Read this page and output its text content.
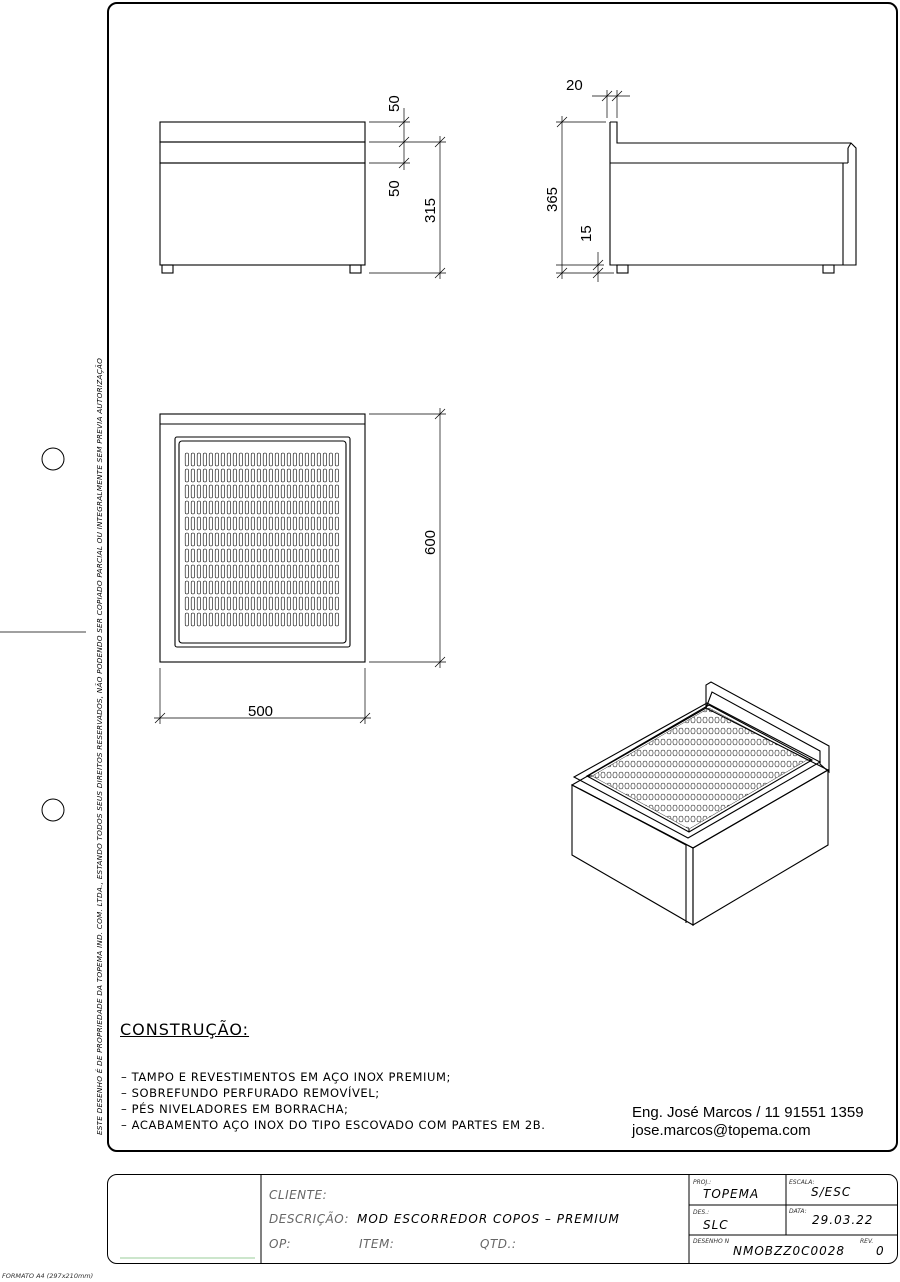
ESTE DESENHO É DE PROPRIEDADE DA TOPEMA IND. COM. LTDA., ESTANDO TODOS SEUS DIREITOS RESERVADOS, NÃO PODENDO SER COPIADO PARCIAL OU INTEGRALMENTE SEM PREVIA AUTORIZAÇÃO
50
50
315
20
365
15
600
500
CONSTRUÇÃO:
– TAMPO E REVESTIMENTOS EM AÇO INOX PREMIUM;
– SOBREFUNDO PERFURADO REMOVÍVEL;
– PÉS NIVELADORES EM BORRACHA;
– ACABAMENTO AÇO INOX DO TIPO ESCOVADO COM PARTES EM 2B.
Eng. José Marcos / 11 91551 1359
jose.marcos@topema.com
CLIENTE:
DESCRIÇÃO: MOD ESCORREDOR COPOS – PREMIUM
OP:	ITEM:	QTD.:
PROJ.:
TOPEMA
ESCALA:
S/ESC
DES.:
SLC
DATA:
29.03.22
DESENHO N
NMOBZZ0C0028
REV.
0
FORMATO A4 (297x210mm)
